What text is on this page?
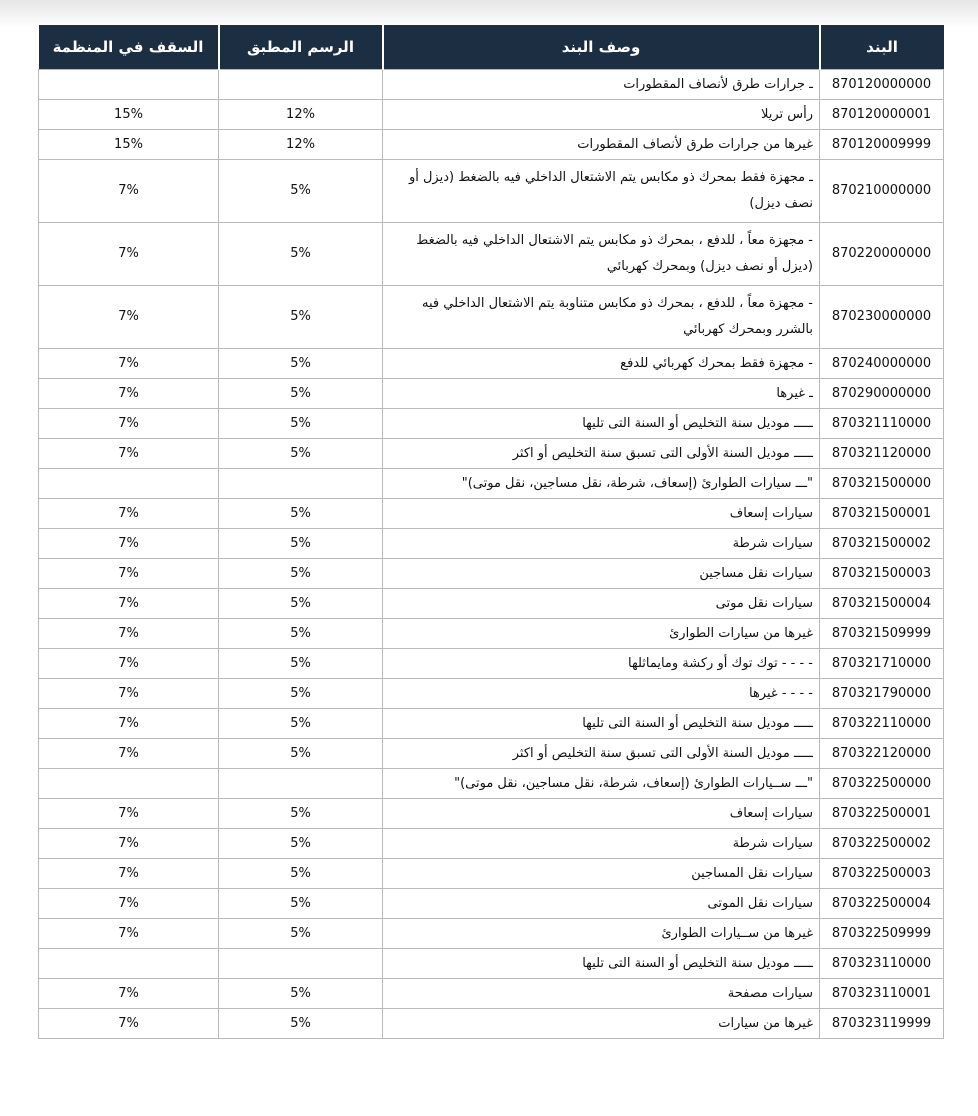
البند	وصف البند	الرسم المطبق	السقف في المنظمة
870120000000	ـ جرارات طرق لأنصاف المقطورات		
870120000001	رأس تريلا	12%	15%
870120009999	غيرها من جرارات طرق لأنصاف المقطورات	12%	15%
870210000000	ـ مجهزة فقط بمحرك ذو مكابس يتم الاشتعال الداخلي فيه بالضغط (ديزل أو نصف ديزل)	5%	7%
870220000000	- مجهزة معاً ، للدفع ، بمحرك ذو مكابس يتم الاشتعال الداخلي فيه بالضغط (ديزل أو نصف ديزل) وبمحرك كهربائي	5%	7%
870230000000	- مجهزة معاً ، للدفع ، بمحرك ذو مكابس متناوبة يتم الاشتعال الداخلي فيه بالشرر وبمحرك كهربائي	5%	7%
870240000000	- مجهزة فقط بمحرك كهربائي للدفع	5%	7%
870290000000	ـ غيرها	5%	7%
870321110000	ـــــ موديل سنة التخليص أو السنة التى تليها	5%	7%
870321120000	ـــــ موديل السنة الأولى التى تسبق سنة التخليص أو اكثر	5%	7%
870321500000	"ـــ سيارات الطوارئ (إسعاف، شرطة، نقل مساجين، نقل موتى)"		
870321500001	سيارات إسعاف	5%	7%
870321500002	سيارات شرطة	5%	7%
870321500003	سيارات نقل مساجين	5%	7%
870321500004	سيارات نقل موتى	5%	7%
870321509999	غيرها من سيارات الطوارئ	5%	7%
870321710000	- - - - توك توك أو ركشة ومايماثلها	5%	7%
870321790000	- - - - غيرها	5%	7%
870322110000	ـــــ موديل سنة التخليص أو السنة التى تليها	5%	7%
870322120000	ـــــ موديل السنة الأولى التى تسبق سنة التخليص أو اكثر	5%	7%
870322500000	"ـــ ســيارات الطوارئ (إسعاف، شرطة، نقل مساجين، نقل موتى)"		
870322500001	سيارات إسعاف	5%	7%
870322500002	سيارات شرطة	5%	7%
870322500003	سيارات نقل المساجين	5%	7%
870322500004	سيارات نقل الموتى	5%	7%
870322509999	غيرها من ســيارات الطوارئ	5%	7%
870323110000	ـــــ موديل سنة التخليص أو السنة التى تليها		
870323110001	سيارات مصفحة	5%	7%
870323119999	غيرها من سيارات	5%	7%
